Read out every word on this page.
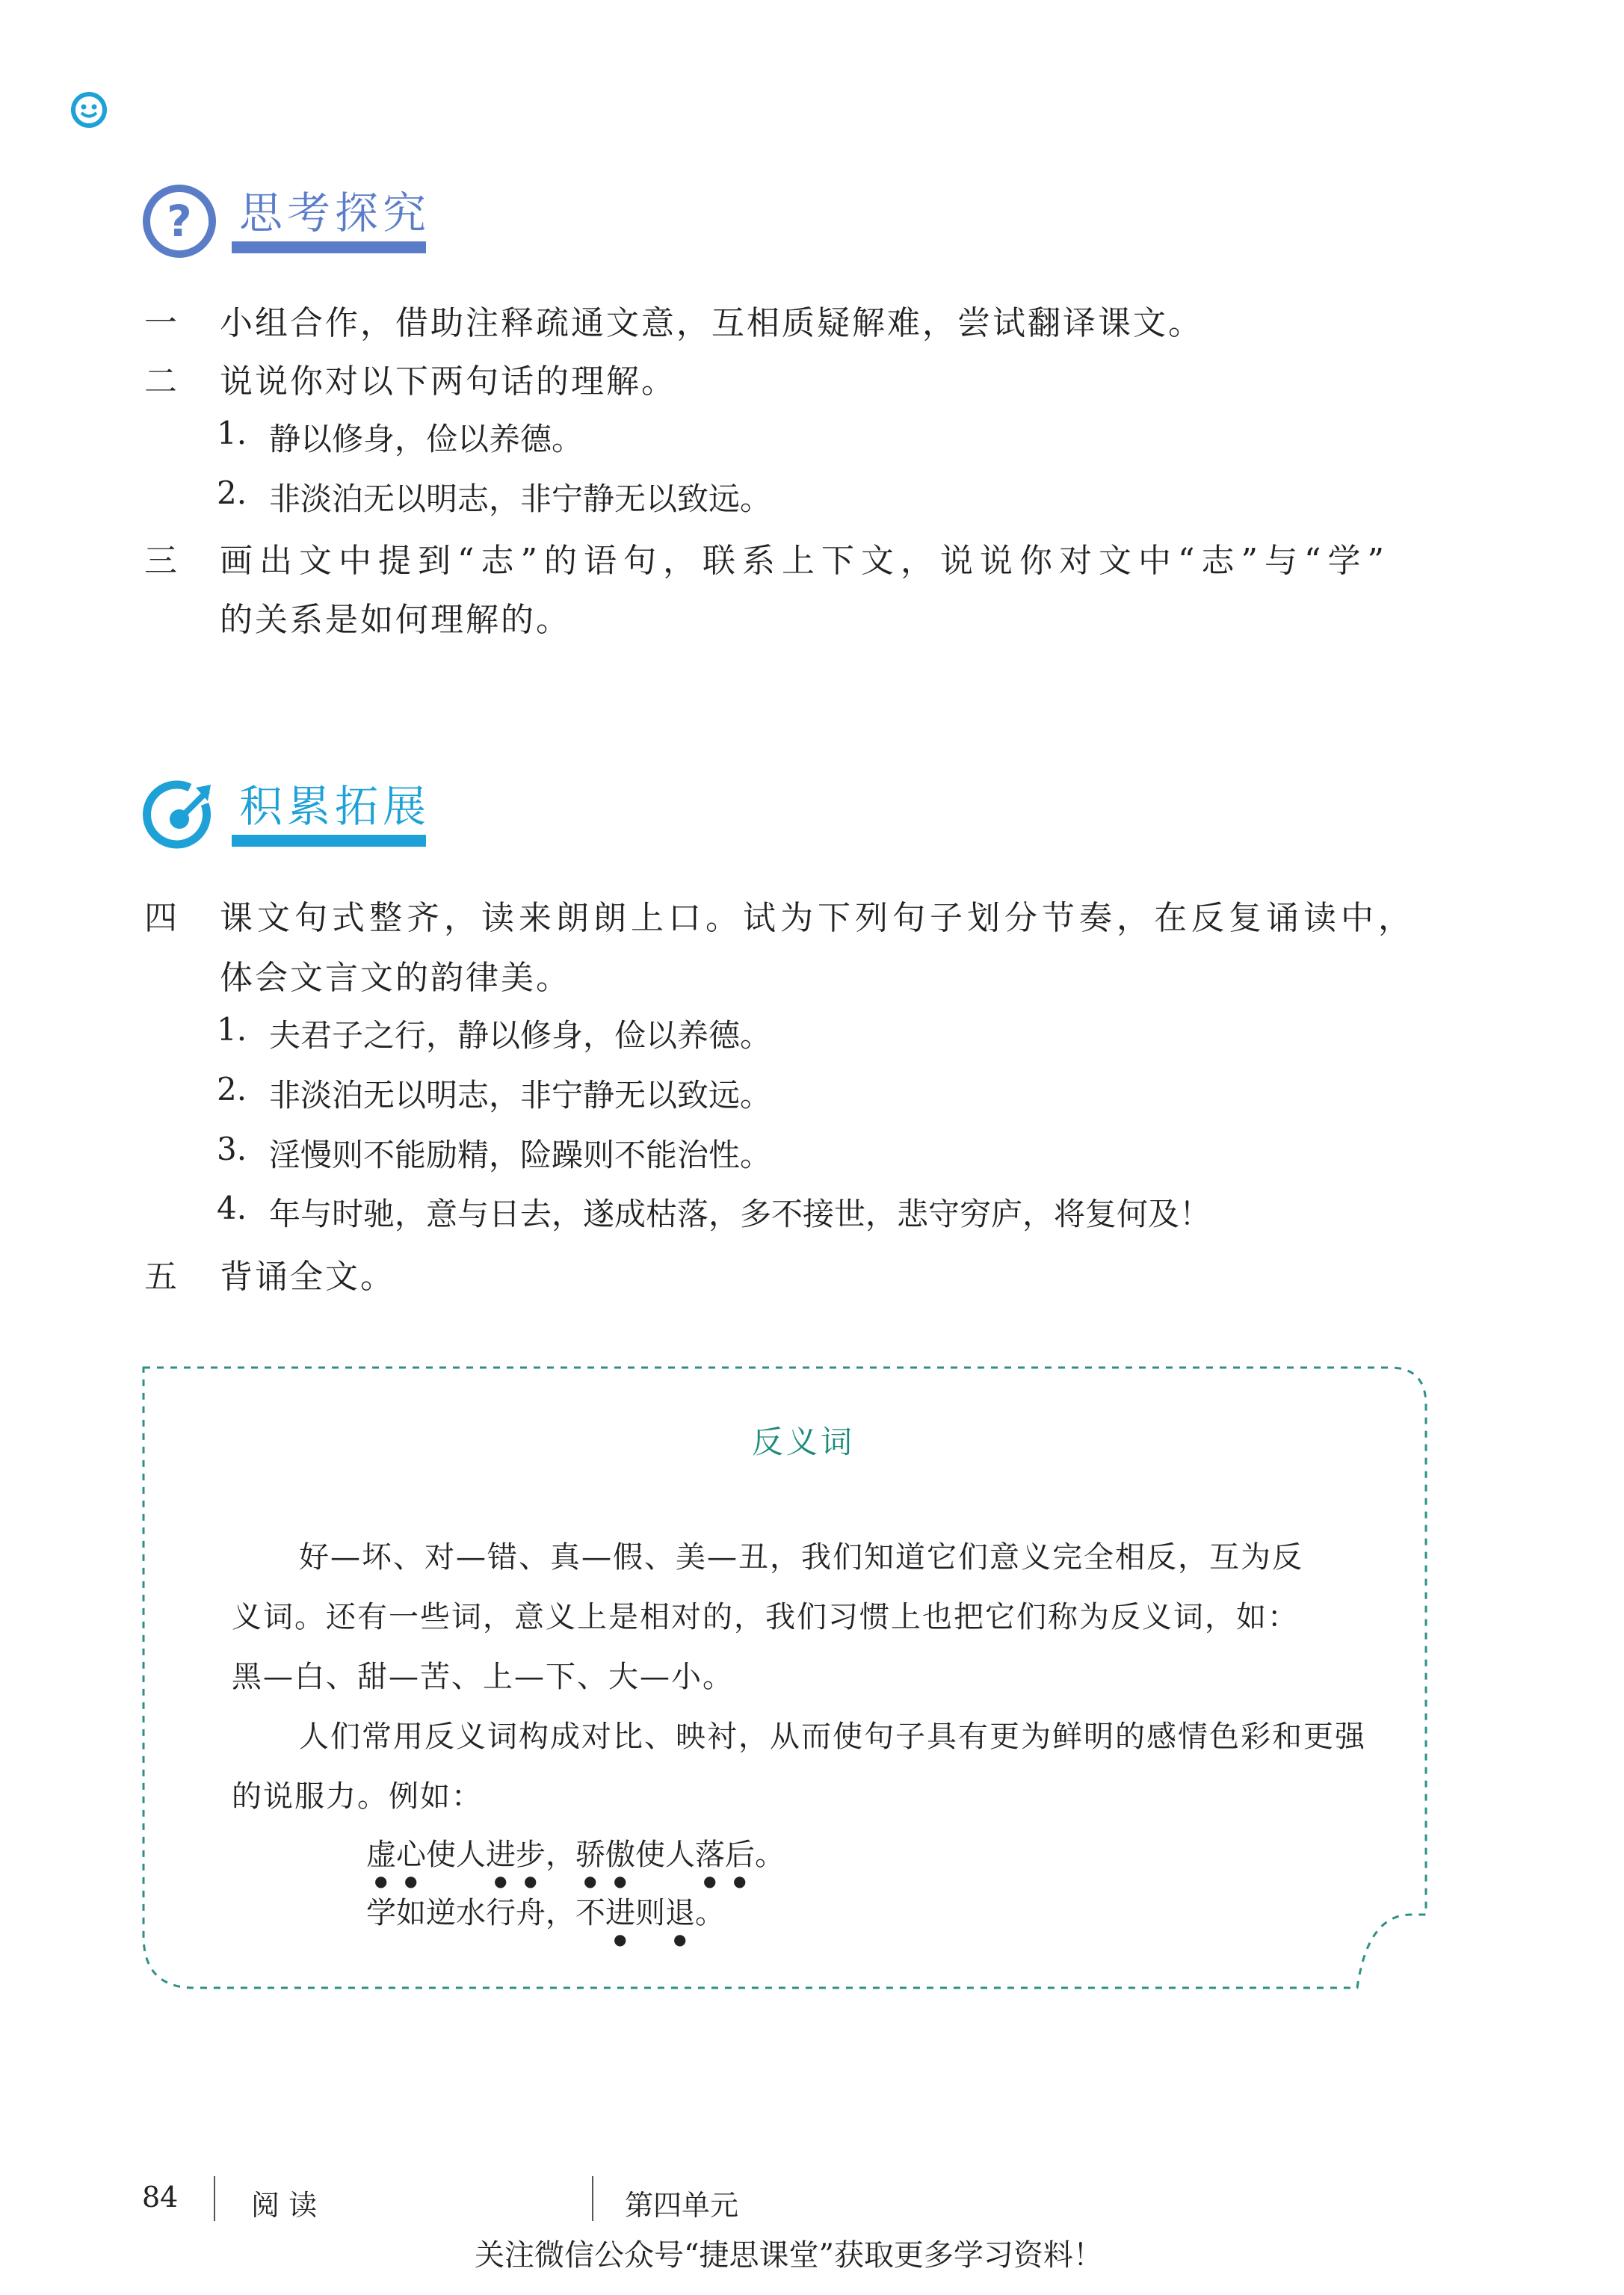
? 思考探究
一 小组合作，借助注释疏通文意，互相质疑解难，尝试翻译课文。
二 说说你对以下两句话的理解。
1. 静以修身，俭以养德。
2. 非淡泊无以明志，非宁静无以致远。
三 画出文中提到“志”的语句，联系上下文，说说你对文中“志”与“学”
的关系是如何理解的。
积累拓展
四 课文句式整齐，读来朗朗上口。试为下列句子划分节奏，在反复诵读中，
体会文言文的韵律美。
1. 夫君子之行，静以修身，俭以养德。
2. 非淡泊无以明志，非宁静无以致远。
3. 淫慢则不能励精，险躁则不能治性。
4. 年与时驰，意与日去，遂成枯落，多不接世，悲守穷庐，将复何及！
五 背诵全文。
反义词
好—坏、对—错、真—假、美—丑，我们知道它们意义完全相反，互为反
义词。还有一些词，意义上是相对的，我们习惯上也把它们称为反义词，如：
黑—白、甜—苦、上—下、大—小。
人们常用反义词构成对比、映衬，从而使句子具有更为鲜明的感情色彩和更强
的说服力。例如：
虚心使人进步，骄傲使人落后。
学如逆水行舟，不进则退。
84	阅 读	第四单元
关注微信公众号“捷思课堂”获取更多学习资料！
